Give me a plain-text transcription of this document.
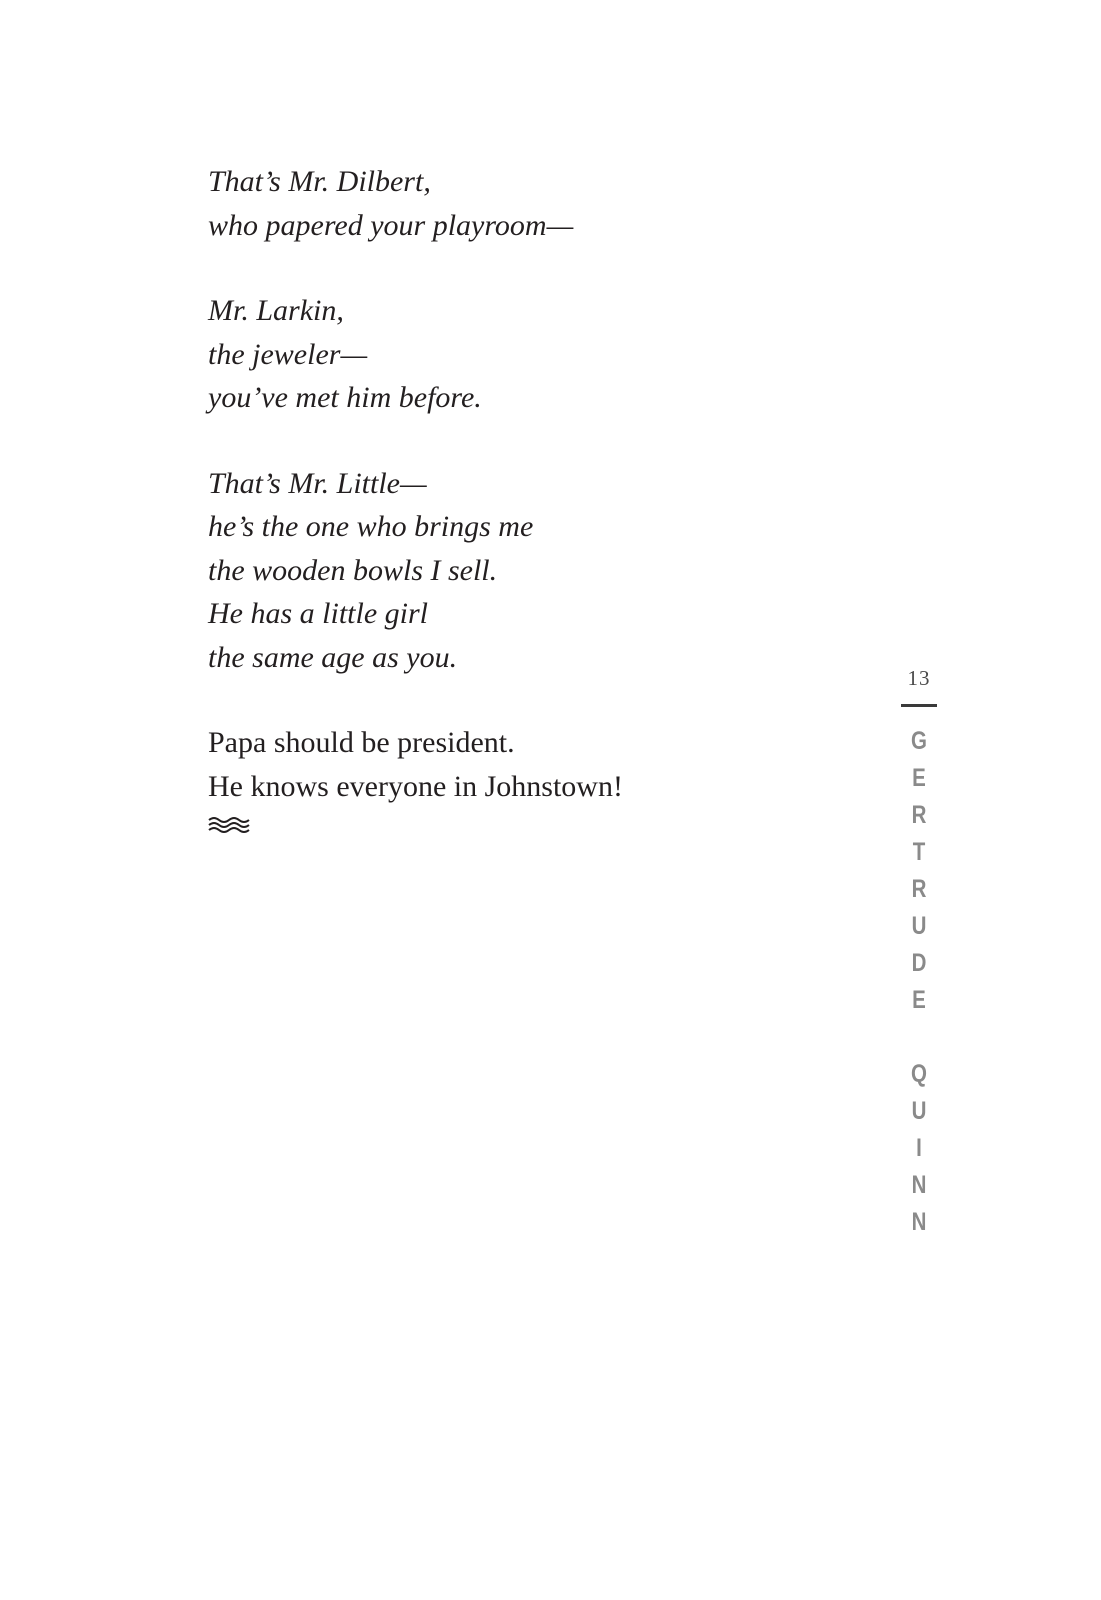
That’s Mr. Dilbert,
who papered your playroom—
Mr. Larkin,
the jeweler—
you’ve met him before.
That’s Mr. Little—
he’s the one who brings me
the wooden bowls I sell.
He has a little girl
the same age as you.
Papa should be president.
He knows everyone in Johnstown!
13
G
E
R
T
R
U
D
E

Q
U
I
N
N
